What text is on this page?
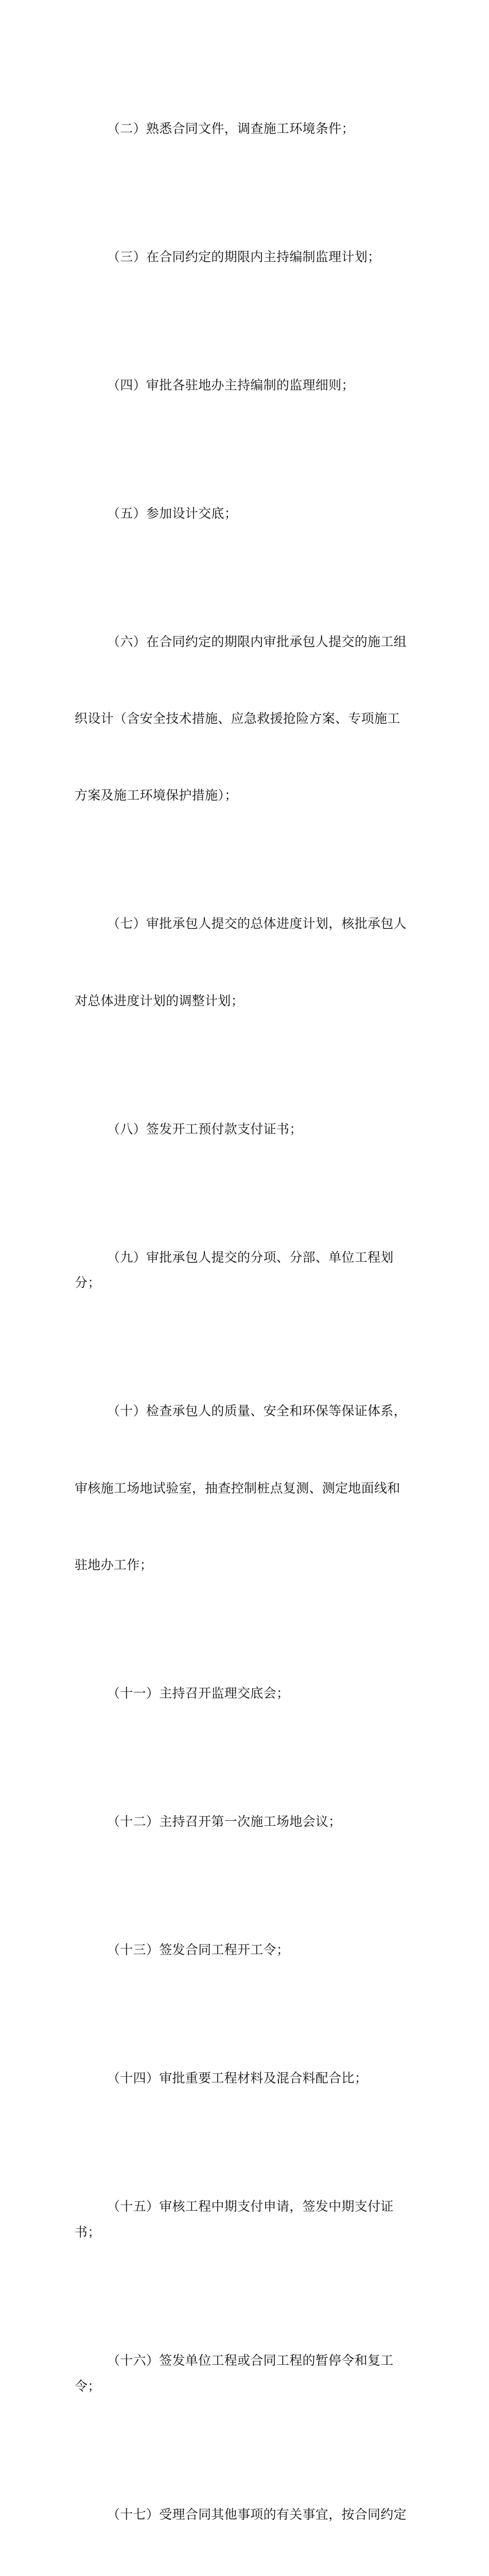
（二）熟悉合同文件，调查施工环境条件；

（三）在合同约定的期限内主持编制监理计划；

（四）审批各驻地办主持编制的监理细则；

（五）参加设计交底；

（六）在合同约定的期限内审批承包人提交的施工组

织设计（含安全技术措施、应急救援抢险方案、专项施工

方案及施工环境保护措施）；

（七）审批承包人提交的总体进度计划，核批承包人

对总体进度计划的调整计划；

（八）签发开工预付款支付证书；

（九）审批承包人提交的分项、分部、单位工程划分；

（十）检查承包人的质量、安全和环保等保证体系，

审核施工场地试验室，抽查控制桩点复测、测定地面线和

驻地办工作；

（十一）主持召开监理交底会；

（十二）主持召开第一次施工场地会议；

（十三）签发合同工程开工令；

（十四）审批重要工程材料及混合料配合比；

（十五）审核工程中期支付申请，签发中期支付证书；

（十六）签发单位工程或合同工程的暂停令和复工令；

（十七）受理合同其他事项的有关事宜，按合同约定
